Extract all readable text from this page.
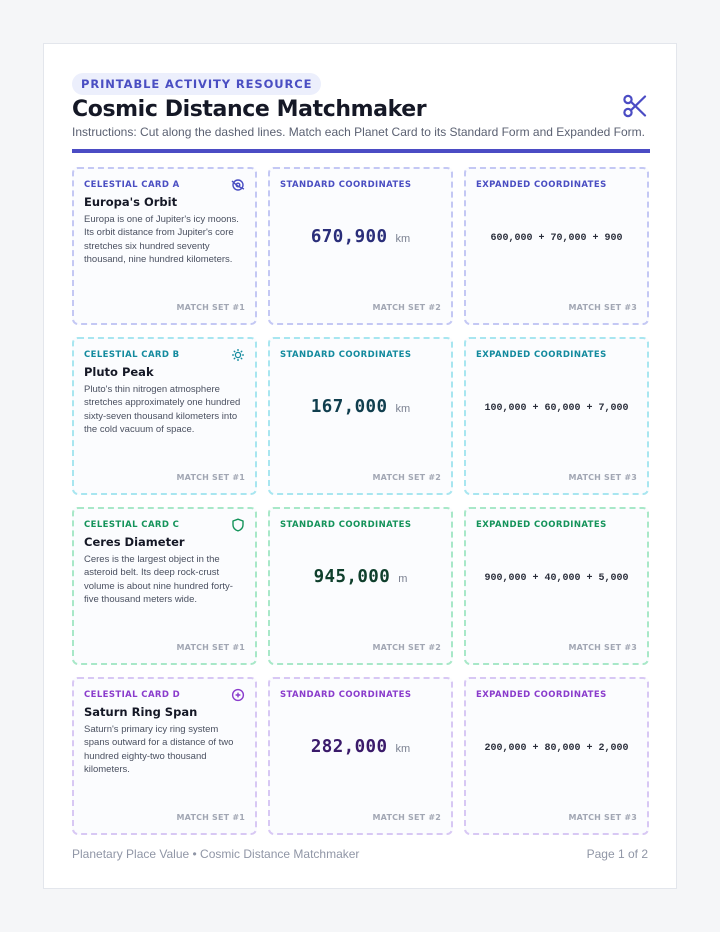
PRINTABLE ACTIVITY RESOURCE
Cosmic Distance Matchmaker
Instructions: Cut along the dashed lines. Match each Planet Card to its Standard Form and Expanded Form.
CELESTIAL CARD A
Europa's Orbit
Europa is one of Jupiter's icy moons. Its orbit distance from Jupiter's core stretches six hundred seventy thousand, nine hundred kilometers.
MATCH SET #1
STANDARD COORDINATES
670,900 km
MATCH SET #2
EXPANDED COORDINATES
600,000 + 70,000 + 900
MATCH SET #3
CELESTIAL CARD B
Pluto Peak
Pluto's thin nitrogen atmosphere stretches approximately one hundred sixty-seven thousand kilometers into the cold vacuum of space.
MATCH SET #1
STANDARD COORDINATES
167,000 km
MATCH SET #2
EXPANDED COORDINATES
100,000 + 60,000 + 7,000
MATCH SET #3
CELESTIAL CARD C
Ceres Diameter
Ceres is the largest object in the asteroid belt. Its deep rock-crust volume is about nine hundred forty-five thousand meters wide.
MATCH SET #1
STANDARD COORDINATES
945,000 m
MATCH SET #2
EXPANDED COORDINATES
900,000 + 40,000 + 5,000
MATCH SET #3
CELESTIAL CARD D
Saturn Ring Span
Saturn's primary icy ring system spans outward for a distance of two hundred eighty-two thousand kilometers.
MATCH SET #1
STANDARD COORDINATES
282,000 km
MATCH SET #2
EXPANDED COORDINATES
200,000 + 80,000 + 2,000
MATCH SET #3
Planetary Place Value • Cosmic Distance Matchmaker	Page 1 of 2
